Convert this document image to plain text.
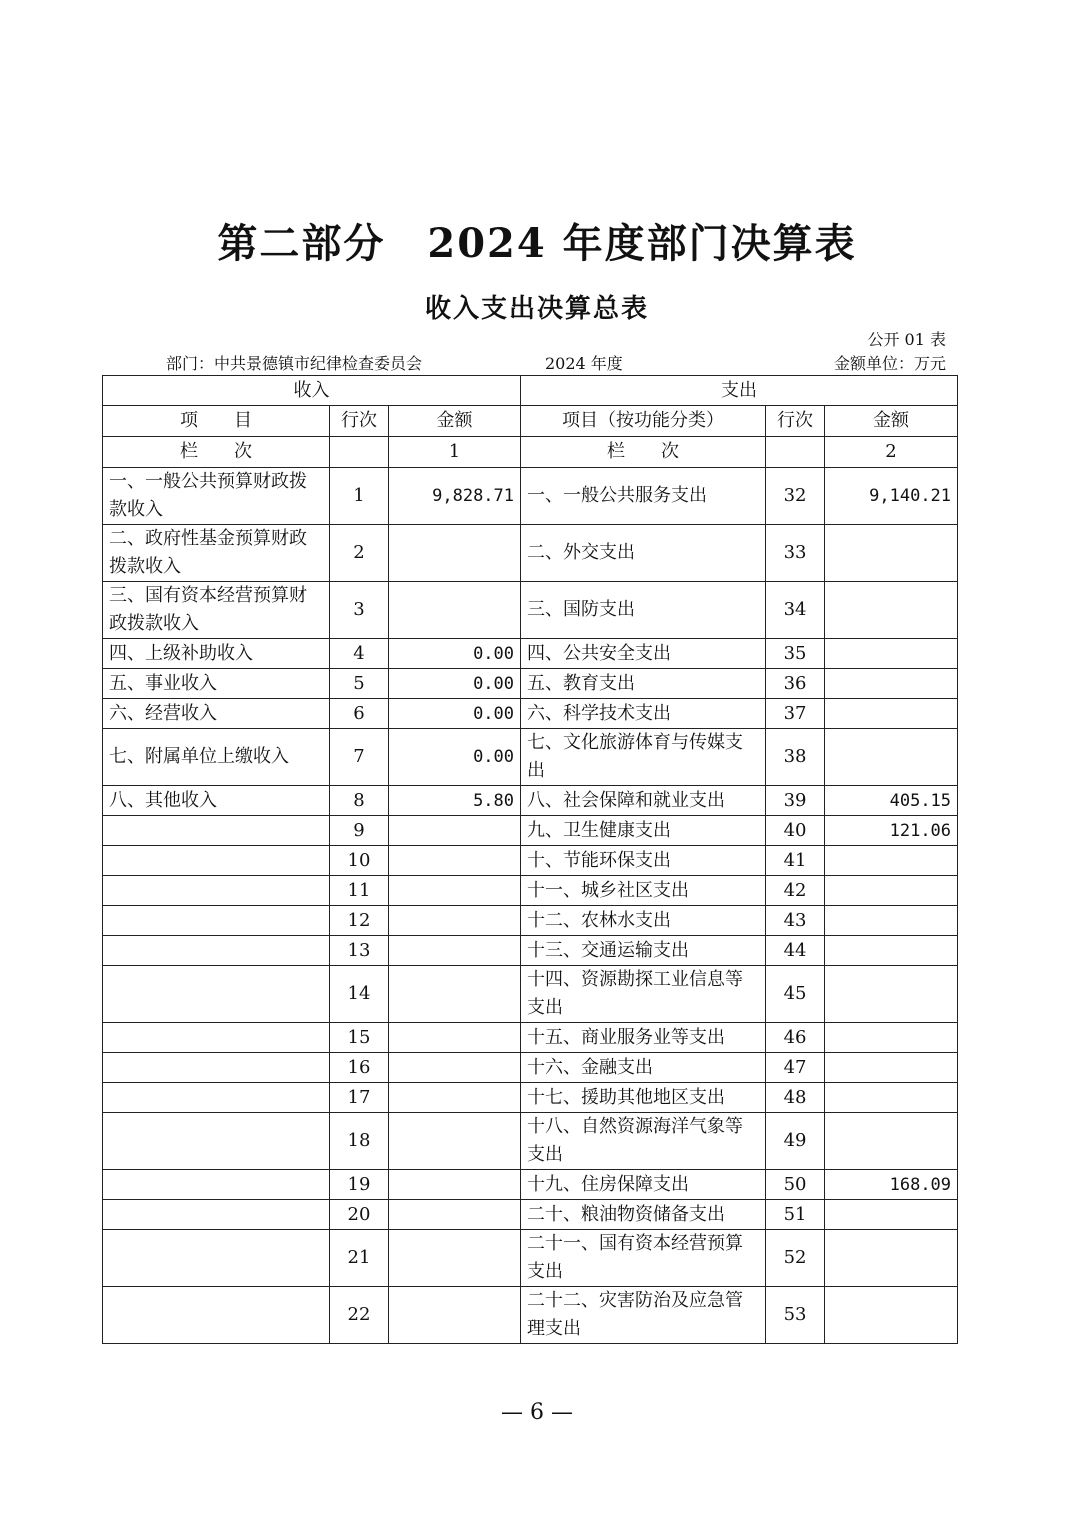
第二部分　2024 年度部门决算表
收入支出决算总表
公开 01 表
部门：中共景德镇市纪律检查委员会	2024 年度	金额单位：万元
收入			支出		
项　　目	行次	金额	项目（按功能分类）	行次	金额
栏　　次		1	栏　　次		2
一、一般公共预算财政拨款收入	1	9,828.71	一、一般公共服务支出	32	9,140.21
二、政府性基金预算财政拨款收入	2		二、外交支出	33	
三、国有资本经营预算财政拨款收入	3		三、国防支出	34	
四、上级补助收入	4	0.00	四、公共安全支出	35	
五、事业收入	5	0.00	五、教育支出	36	
六、经营收入	6	0.00	六、科学技术支出	37	
七、附属单位上缴收入	7	0.00	七、文化旅游体育与传媒支出	38	
八、其他收入	8	5.80	八、社会保障和就业支出	39	405.15
	9		九、卫生健康支出	40	121.06
	10		十、节能环保支出	41	
	11		十一、城乡社区支出	42	
	12		十二、农林水支出	43	
	13		十三、交通运输支出	44	
	14		十四、资源勘探工业信息等支出	45	
	15		十五、商业服务业等支出	46	
	16		十六、金融支出	47	
	17		十七、援助其他地区支出	48	
	18		十八、自然资源海洋气象等支出	49	
	19		十九、住房保障支出	50	168.09
	20		二十、粮油物资储备支出	51	
	21		二十一、国有资本经营预算支出	52	
	22		二十二、灾害防治及应急管理支出	53	
— 6 —
